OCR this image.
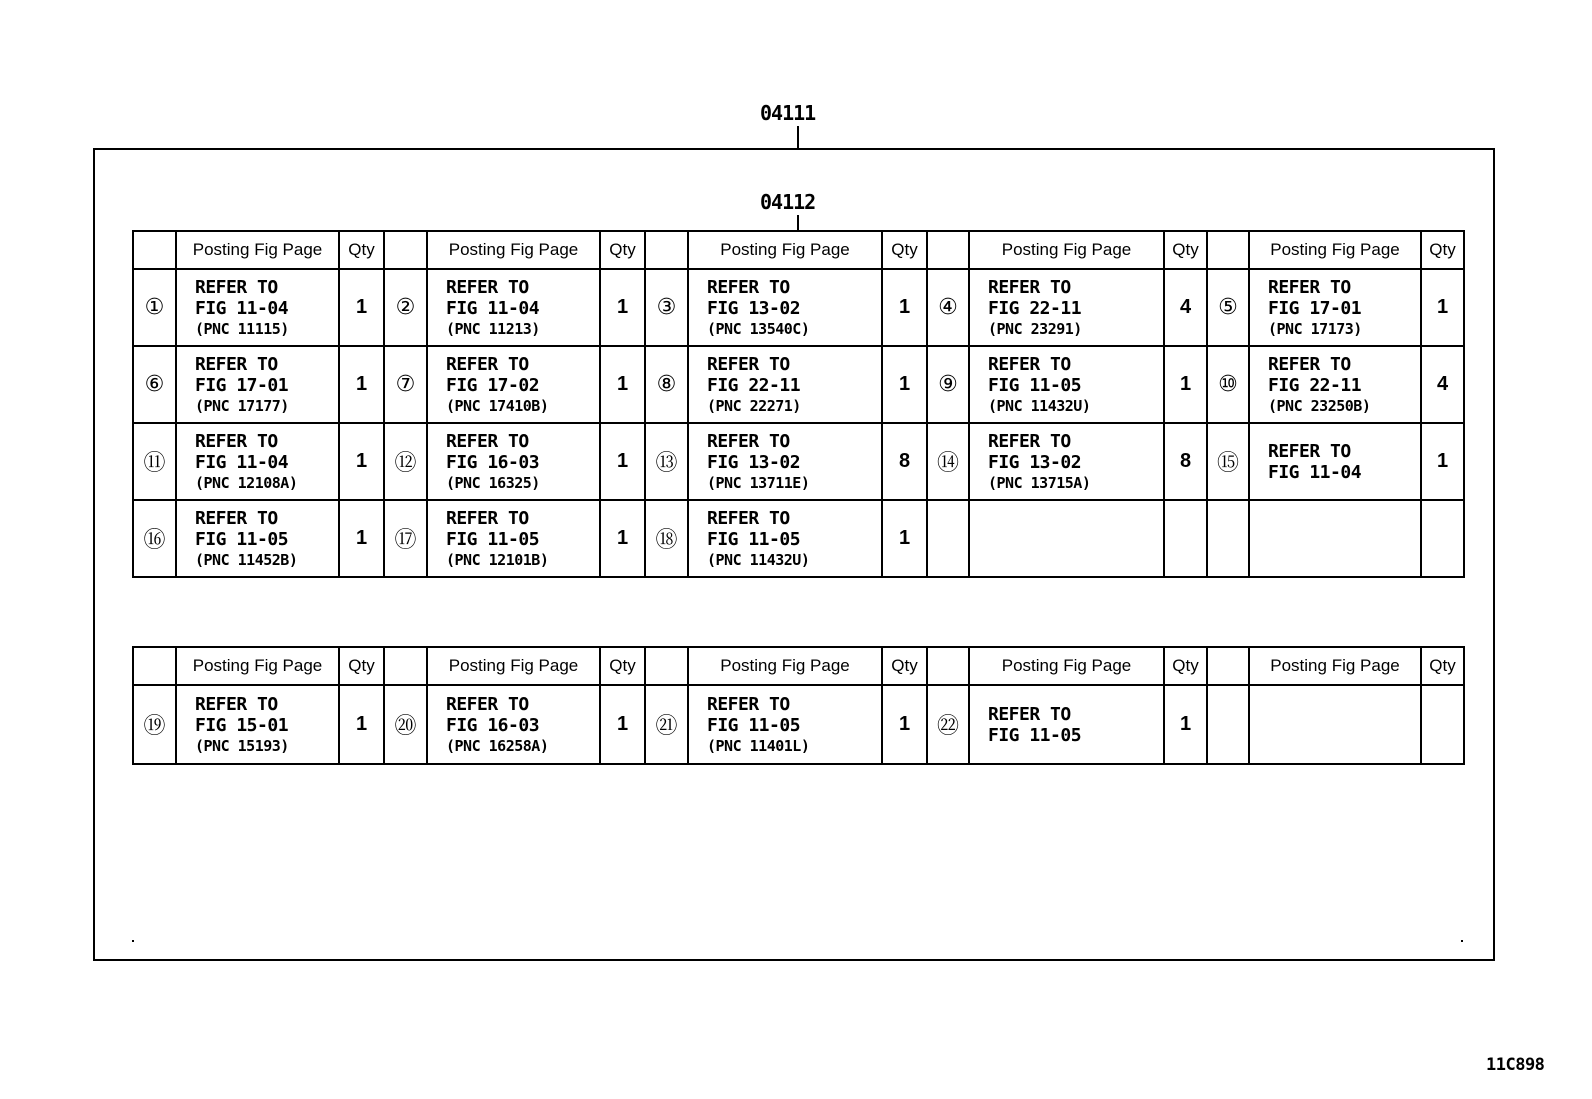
04111
04112
	Posting Fig Page	Qty		Posting Fig Page	Qty		Posting Fig Page	Qty		Posting Fig Page	Qty		Posting Fig Page	Qty
①	REFER TO
FIG 11-04
(PNC 11115)	1	②	REFER TO
FIG 11-04
(PNC 11213)	1	③	REFER TO
FIG 13-02
(PNC 13540C)	1	④	REFER TO
FIG 22-11
(PNC 23291)	4	⑤	REFER TO
FIG 17-01
(PNC 17173)	1
⑥	REFER TO
FIG 17-01
(PNC 17177)	1	⑦	REFER TO
FIG 17-02
(PNC 17410B)	1	⑧	REFER TO
FIG 22-11
(PNC 22271)	1	⑨	REFER TO
FIG 11-05
(PNC 11432U)	1	⑩	REFER TO
FIG 22-11
(PNC 23250B)	4
⑪	REFER TO
FIG 11-04
(PNC 12108A)	1	⑫	REFER TO
FIG 16-03
(PNC 16325)	1	⑬	REFER TO
FIG 13-02
(PNC 13711E)	8	⑭	REFER TO
FIG 13-02
(PNC 13715A)	8	⑮	REFER TO
FIG 11-04	1
⑯	REFER TO
FIG 11-05
(PNC 11452B)	1	⑰	REFER TO
FIG 11-05
(PNC 12101B)	1	⑱	REFER TO
FIG 11-05
(PNC 11432U)	1		

	Posting Fig Page	Qty		Posting Fig Page	Qty		Posting Fig Page	Qty		Posting Fig Page	Qty		Posting Fig Page	Qty
⑲	REFER TO
FIG 15-01
(PNC 15193)	1	⑳	REFER TO
FIG 16-03
(PNC 16258A)	1	㉑	REFER TO
FIG 11-05
(PNC 11401L)	1	㉒	REFER TO
FIG 11-05	1		

11C898
